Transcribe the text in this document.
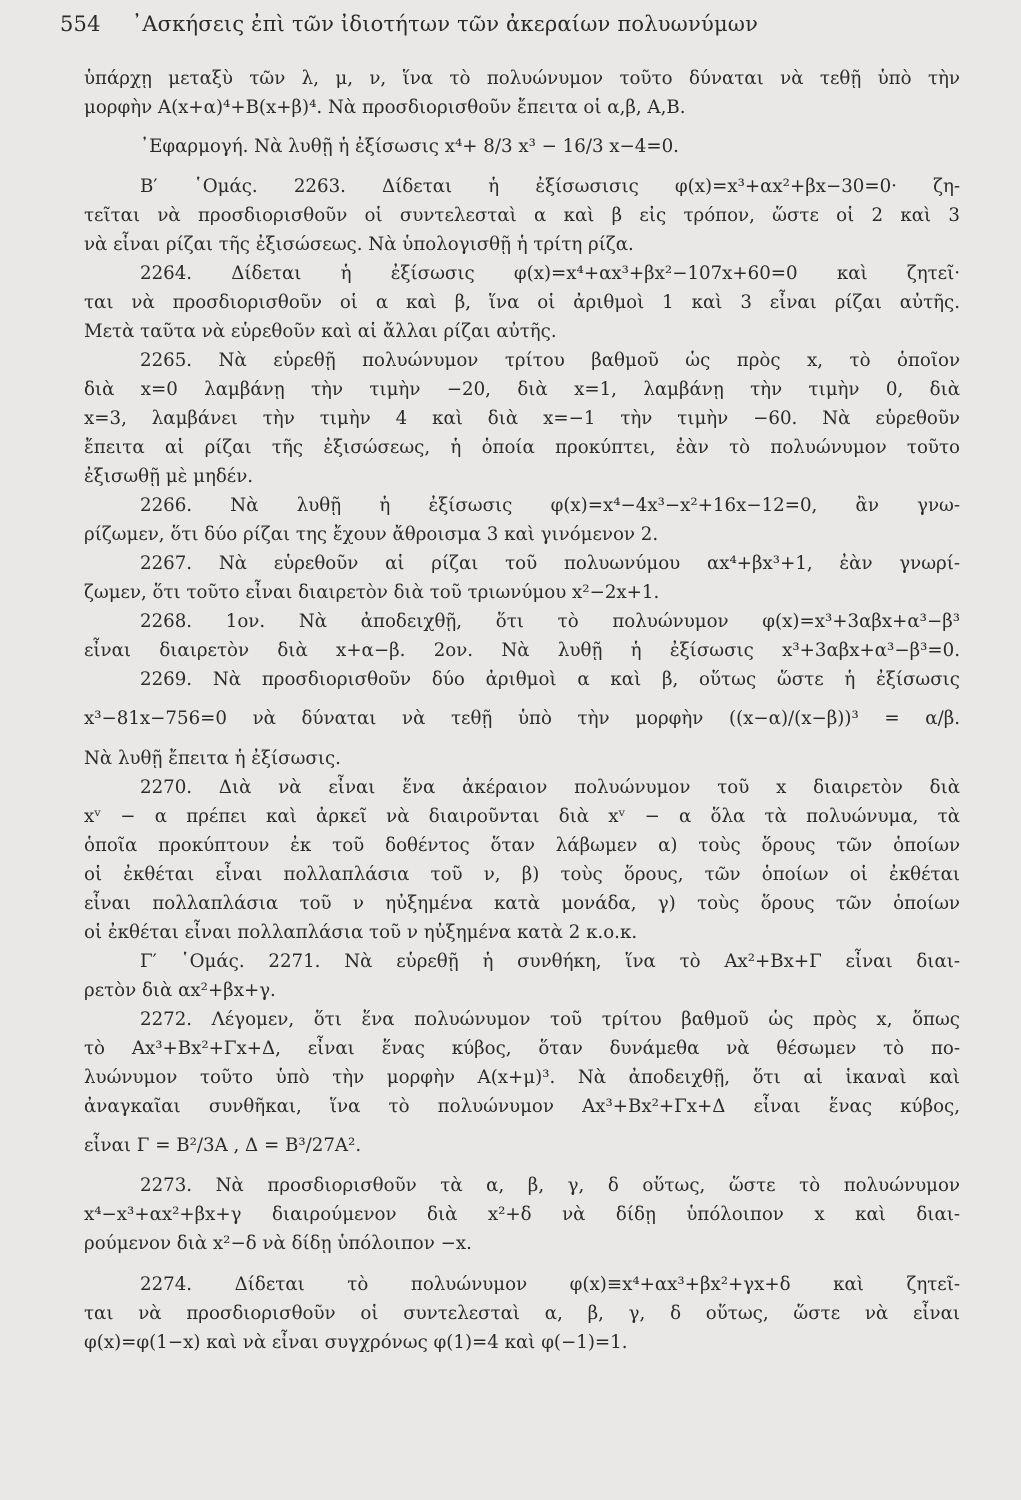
554 ᾿Ασκήσεις ἐπὶ τῶν ἰδιοτήτων τῶν ἀκεραίων πολυωνύμων
ὑπάρχῃ μεταξὺ τῶν λ, μ, ν, ἵνα τὸ πολυώνυμον τοῦτο δύναται νὰ τεθῇ ὑπὸ τὴν
μορφὴν A(x+α)⁴+B(x+β)⁴. Νὰ προσδιορισθοῦν ἔπειτα οἱ α,β, A,B.
᾿Εφαρμογή. Νὰ λυθῇ ἡ ἐξίσωσις x⁴+ 8/3 x³ − 16/3 x−4=0.
B′ ῾Ομάς. 2263. Δίδεται ἡ ἐξίσωσισις φ(x)=x³+αx²+βx−30=0· ζη-
τεῖται νὰ προσδιορισθοῦν οἱ συντελεσταὶ α καὶ β εἰς τρόπον, ὥστε οἱ 2 καὶ 3
νὰ εἶναι ρίζαι τῆς ἐξισώσεως. Νὰ ὑπολογισθῇ ἡ τρίτη ρίζα.
2264. Δίδεται ἡ ἐξίσωσις φ(x)=x⁴+αx³+βx²−107x+60=0 καὶ ζητεῖ·
ται νὰ προσδιορισθοῦν οἱ α καὶ β, ἵνα οἱ ἀριθμοὶ 1 καὶ 3 εἶναι ρίζαι αὐτῆς.
Μετὰ ταῦτα νὰ εὑρεθοῦν καὶ αἱ ἄλλαι ρίζαι αὐτῆς.
2265. Νὰ εὑρεθῇ πολυώνυμον τρίτου βαθμοῦ ὡς πρὸς x, τὸ ὁποῖον
διὰ x=0 λαμβάνῃ τὴν τιμὴν −20, διὰ x=1, λαμβάνῃ τὴν τιμὴν 0, διὰ
x=3, λαμβάνει τὴν τιμὴν 4 καὶ διὰ x=−1 τὴν τιμὴν −60. Νὰ εὑρεθοῦν
ἔπειτα αἱ ρίζαι τῆς ἐξισώσεως, ἡ ὁποία προκύπτει, ἐὰν τὸ πολυώνυμον τοῦτο
ἐξισωθῇ μὲ μηδέν.
2266. Νὰ λυθῇ ἡ ἐξίσωσις φ(x)=x⁴−4x³−x²+16x−12=0, ἂν γνω-
ρίζωμεν, ὅτι δύο ρίζαι της ἔχουν ἄθροισμα 3 καὶ γινόμενον 2.
2267. Νὰ εὑρεθοῦν αἱ ρίζαι τοῦ πολυωνύμου αx⁴+βx³+1, ἐὰν γνωρί-
ζωμεν, ὅτι τοῦτο εἶναι διαιρετὸν διὰ τοῦ τριωνύμου x²−2x+1.
2268. 1ον. Νὰ ἀποδειχθῇ, ὅτι τὸ πολυώνυμον φ(x)=x³+3αβx+α³−β³
εἶναι διαιρετὸν διὰ x+α−β. 2ον. Νὰ λυθῇ ἡ ἐξίσωσις x³+3αβx+α³−β³=0.
2269. Νὰ προσδιορισθοῦν δύο ἀριθμοὶ α καὶ β, οὕτως ὥστε ἡ ἐξίσωσις
x³−81x−756=0 νὰ δύναται νὰ τεθῇ ὑπὸ τὴν μορφὴν ((x−α)/(x−β))³ = α/β.
Νὰ λυθῇ ἔπειτα ἡ ἐξίσωσις.
2270. Διὰ νὰ εἶναι ἕνα ἀκέραιον πολυώνυμον τοῦ x διαιρετὸν διὰ
xᵛ − α πρέπει καὶ ἀρκεῖ νὰ διαιροῦνται διὰ xᵛ − α ὅλα τὰ πολυώνυμα, τὰ
ὁποῖα προκύπτουν ἐκ τοῦ δοθέντος ὅταν λάβωμεν α) τοὺς ὅρους τῶν ὁποίων
οἱ ἐκθέται εἶναι πολλαπλάσια τοῦ ν, β) τοὺς ὅρους, τῶν ὁποίων οἱ ἐκθέται
εἶναι πολλαπλάσια τοῦ ν ηὐξημένα κατὰ μονάδα, γ) τοὺς ὅρους τῶν ὁποίων
οἱ ἐκθέται εἶναι πολλαπλάσια τοῦ ν ηὐξημένα κατὰ 2 κ.ο.κ.
Γ′ ῾Ομάς. 2271. Νὰ εὑρεθῇ ἡ συνθήκη, ἵνα τὸ Ax²+Bx+Γ εἶναι διαι-
ρετὸν διὰ αx²+βx+γ.
2272. Λέγομεν, ὅτι ἕνα πολυώνυμον τοῦ τρίτου βαθμοῦ ὡς πρὸς x, ὅπως
τὸ Ax³+Bx²+Γx+Δ, εἶναι ἕνας κύβος, ὅταν δυνάμεθα νὰ θέσωμεν τὸ πο-
λυώνυμον τοῦτο ὑπὸ τὴν μορφὴν A(x+μ)³. Νὰ ἀποδειχθῇ, ὅτι αἱ ἱκαναὶ καὶ
ἀναγκαῖαι συνθῆκαι, ἵνα τὸ πολυώνυμον Ax³+Bx²+Γx+Δ εἶναι ἕνας κύβος,
εἶναι Γ = B²/3A , Δ = B³/27A².
2273. Νὰ προσδιορισθοῦν τὰ α, β, γ, δ οὕτως, ὥστε τὸ πολυώνυμον
x⁴−x³+αx²+βx+γ διαιρούμενον διὰ x²+δ νὰ δίδῃ ὑπόλοιπον x καὶ διαι-
ρούμενον διὰ x²−δ νὰ δίδῃ ὑπόλοιπον −x.
2274. Δίδεται τὸ πολυώνυμον φ(x)≡x⁴+αx³+βx²+γx+δ καὶ ζητεῖ-
ται νὰ προσδιορισθοῦν οἱ συντελεσταὶ α, β, γ, δ οὕτως, ὥστε νὰ εἶναι
φ(x)=φ(1−x) καὶ νὰ εἶναι συγχρόνως φ(1)=4 καὶ φ(−1)=1.
